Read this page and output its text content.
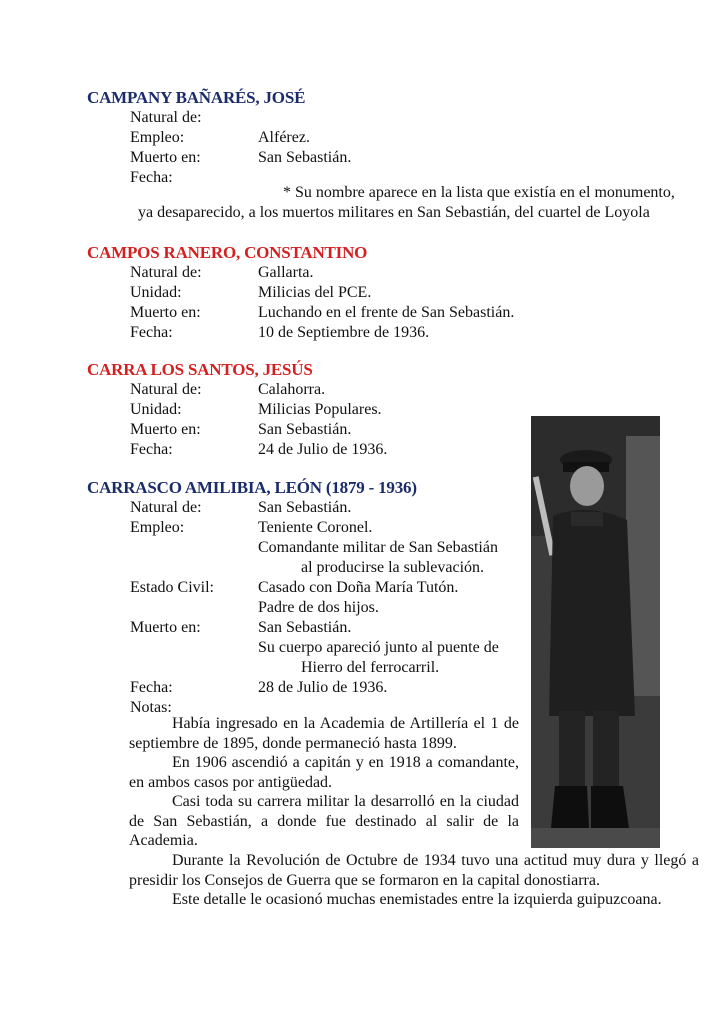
CAMPANY BAÑARÉS, JOSÉ
Natural de:
Empleo:	Alférez.
Muerto en:	San Sebastián.
Fecha:
* Su nombre aparece en la lista que existía en el monumento,
ya desaparecido, a los muertos militares en San Sebastián, del cuartel de Loyola
CAMPOS RANERO, CONSTANTINO
Natural de:	Gallarta.
Unidad:	Milicias del PCE.
Muerto en:	Luchando en el frente de San Sebastián.
Fecha:	10 de Septiembre de 1936.
CARRA LOS SANTOS, JESÚS
Natural de:	Calahorra.
Unidad:	Milicias Populares.
Muerto en:	San Sebastián.
Fecha:	24 de Julio de 1936.
CARRASCO AMILIBIA, LEÓN (1879 - 1936)
Natural de:	San Sebastián.
Empleo:	Teniente Coronel.
Comandante militar de San Sebastián
al producirse la sublevación.
Estado Civil:	Casado con Doña María Tutón.
Padre de dos hijos.
Muerto en:	San Sebastián.
Su cuerpo apareció junto al puente de
Hierro del ferrocarril.
Fecha:	28 de Julio de 1936.
Notas:

Había ingresado en la Academia de Artillería el 1 de septiembre de 1895, donde permaneció hasta 1899.

En 1906 ascendió a capitán y en 1918 a comandante, en ambos casos por antigüedad.

Casi toda su carrera militar la desarrolló en la ciudad de San Sebastián, a donde fue destinado al salir de la Academia.

Durante la Revolución de Octubre de 1934 tuvo una actitud muy dura y llegó a presidir los Consejos de Guerra que se formaron en la capital donostiarra.

Este detalle le ocasionó muchas enemistades entre la izquierda guipuzcoana.
